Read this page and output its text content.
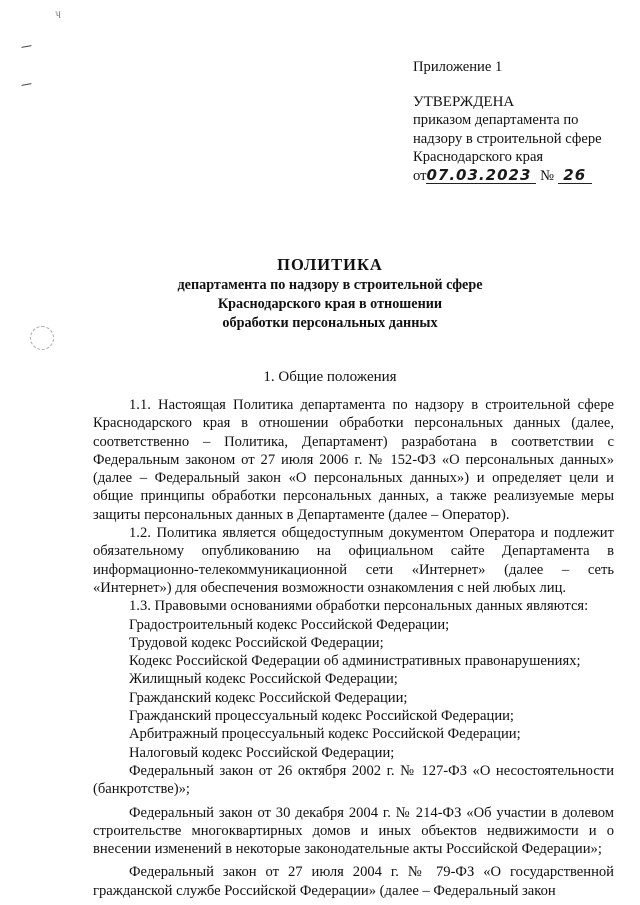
ʮ
Приложение 1
УТВЕРЖДЕНА
приказом департамента по
надзору в строительной сфере
Краснодарского края
от07.03.2023 № 26
ПОЛИТИКА
департамента по надзору в строительной сфере
Краснодарского края в отношении
обработки персональных данных
1. Общие положения

1.1. Настоящая Политика департамента по надзору в строительной сфере Краснодарского края в отношении обработки персональных данных (далее, соответственно – Политика, Департамент) разработана в соответствии с Федеральным законом от 27 июля 2006 г. № 152-ФЗ «О персональных данных» (далее – Федеральный закон «О персональных данных») и определяет цели и общие принципы обработки персональных данных, а также реализуемые меры защиты персональных данных в Департаменте (далее – Оператор).

1.2. Политика является общедоступным документом Оператора и подлежит обязательному опубликованию на официальном сайте Департамента в информационно-телекоммуникационной сети «Интернет» (далее – сеть «Интернет») для обеспечения возможности ознакомления с ней любых лиц.

1.3. Правовыми основаниями обработки персональных данных являются:

Градостроительный кодекс Российской Федерации;

Трудовой кодекс Российской Федерации;

Кодекс Российской Федерации об административных правонарушениях;

Жилищный кодекс Российской Федерации;

Гражданский кодекс Российской Федерации;

Гражданский процессуальный кодекс Российской Федерации;

Арбитражный процессуальный кодекс Российской Федерации;

Налоговый кодекс Российской Федерации;

Федеральный закон от 26 октября 2002 г. № 127-ФЗ «О несостоятельности (банкротстве)»;

Федеральный закон от 30 декабря 2004 г. № 214-ФЗ «Об участии в долевом строительстве многоквартирных домов и иных объектов недвижимости и о внесении изменений в некоторые законодательные акты Российской Федерации»;

Федеральный закон от 27 июля 2004 г. № 79-ФЗ «О государственной гражданской службе Российской Федерации» (далее – Федеральный закон
